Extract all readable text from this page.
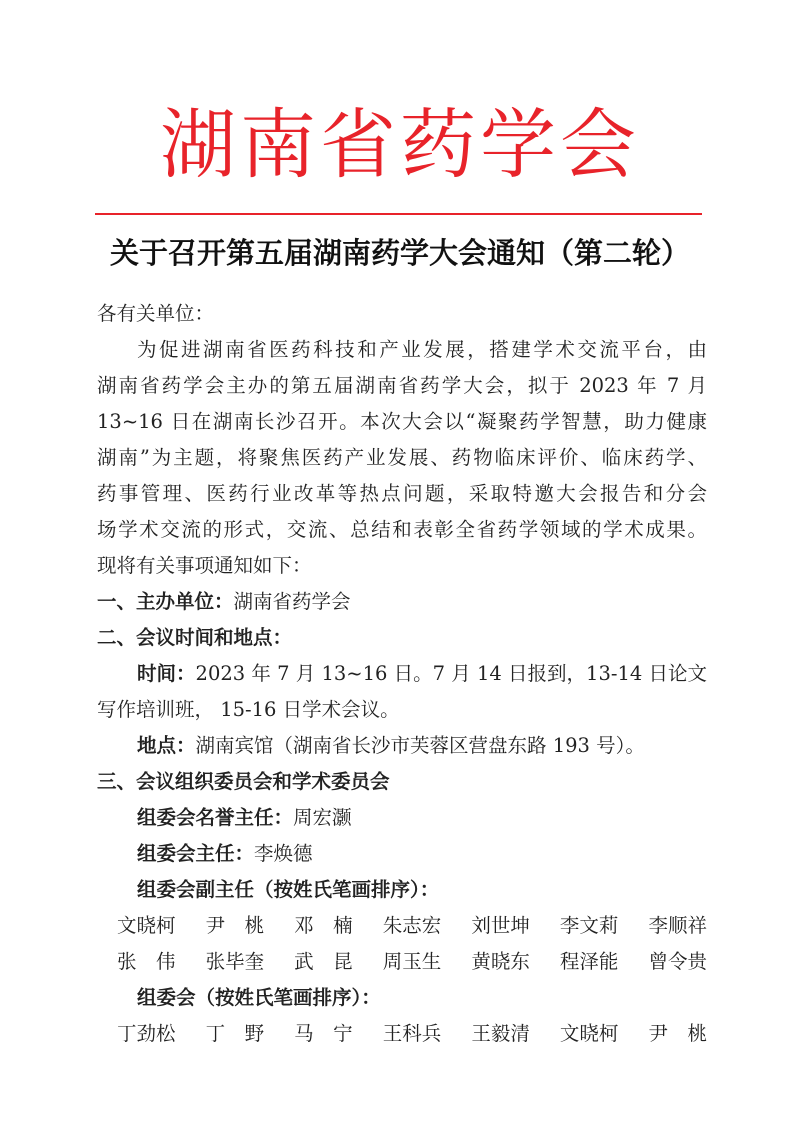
湖南省药学会
关于召开第五届湖南药学大会通知（第二轮）
各有关单位：
为促进湖南省医药科技和产业发展，搭建学术交流平台，由
湖南省药学会主办的第五届湖南省药学大会，拟于 2023 年 7 月
13~16 日在湖南长沙召开。本次大会以“凝聚药学智慧，助力健康
湖南”为主题，将聚焦医药产业发展、药物临床评价、临床药学、
药事管理、医药行业改革等热点问题，采取特邀大会报告和分会
场学术交流的形式，交流、总结和表彰全省药学领域的学术成果。
现将有关事项通知如下：
一、主办单位：湖南省药学会
二、会议时间和地点：
时间：2023 年 7 月 13~16 日。7 月 14 日报到，13-14 日论文
写作培训班， 15-16 日学术会议。
地点：湖南宾馆（湖南省长沙市芙蓉区营盘东路 193 号）。
三、会议组织委员会和学术委员会
组委会名誉主任：周宏灏
组委会主任：李焕德
组委会副主任（按姓氏笔画排序）：
文晓柯 尹　桃 邓　楠 朱志宏 刘世坤 李文莉 李顺祥
张　伟 张毕奎 武　昆 周玉生 黄晓东 程泽能 曾令贵
组委会（按姓氏笔画排序）：
丁劲松 丁　野 马　宁 王科兵 王毅清 文晓柯 尹　桃
